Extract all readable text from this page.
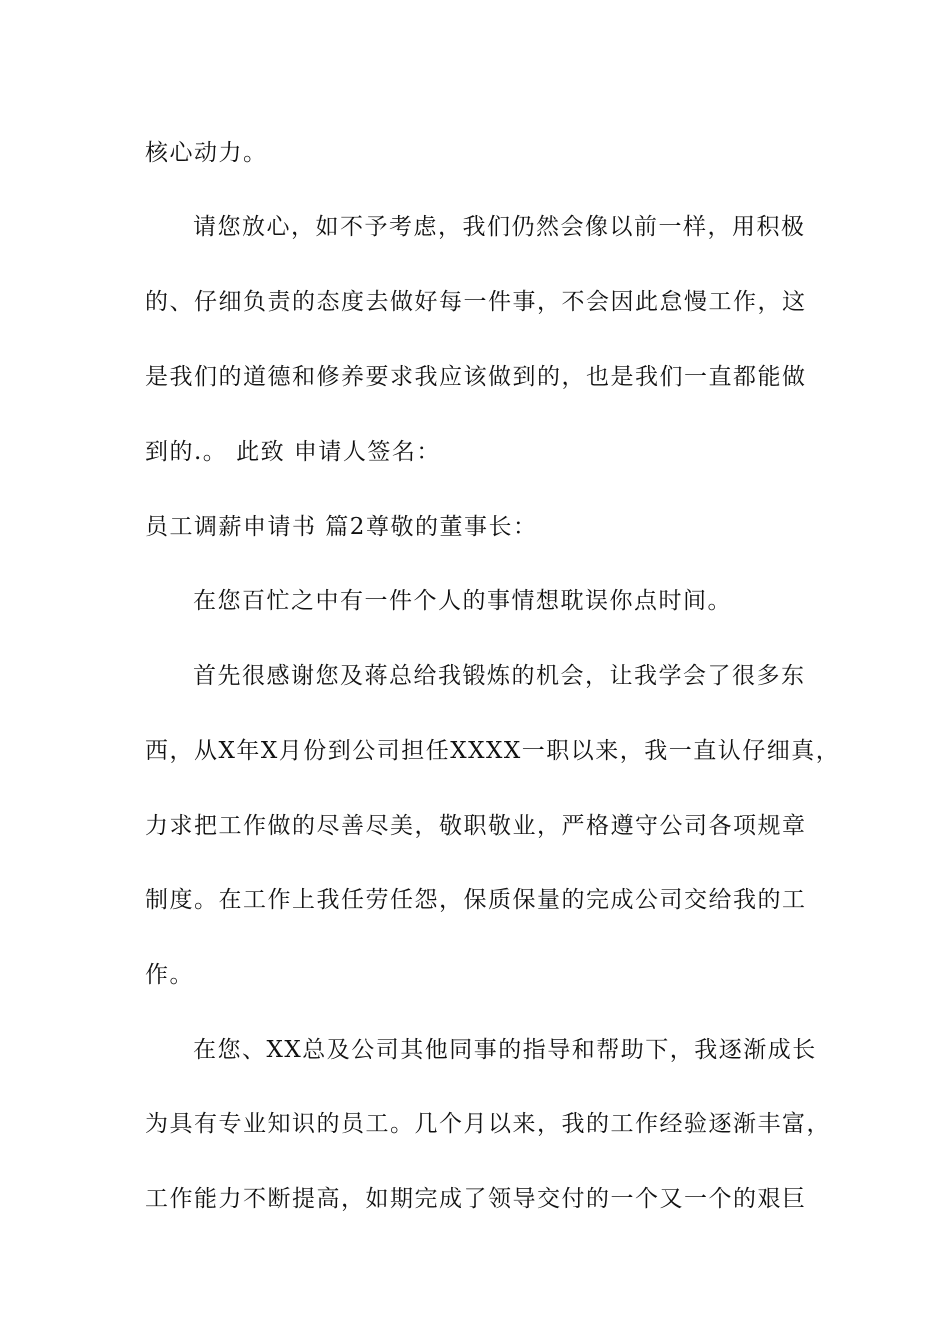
核心动力。
请您放心，如不予考虑，我们仍然会像以前一样，用积极
的、仔细负责的态度去做好每一件事，不会因此怠慢工作，这
是我们的道德和修养要求我应该做到的，也是我们一直都能做
到的.。 此致 申请人签名：
员工调薪申请书 篇2尊敬的董事长：
在您百忙之中有一件个人的事情想耽误你点时间。
首先很感谢您及蒋总给我锻炼的机会，让我学会了很多东
西，从X年X月份到公司担任XXXX一职以来，我一直认仔细真，
力求把工作做的尽善尽美，敬职敬业，严格遵守公司各项规章
制度。在工作上我任劳任怨，保质保量的完成公司交给我的工
作。
在您、XX总及公司其他同事的指导和帮助下，我逐渐成长
为具有专业知识的员工。几个月以来，我的工作经验逐渐丰富，
工作能力不断提高，如期完成了领导交付的一个又一个的艰巨
